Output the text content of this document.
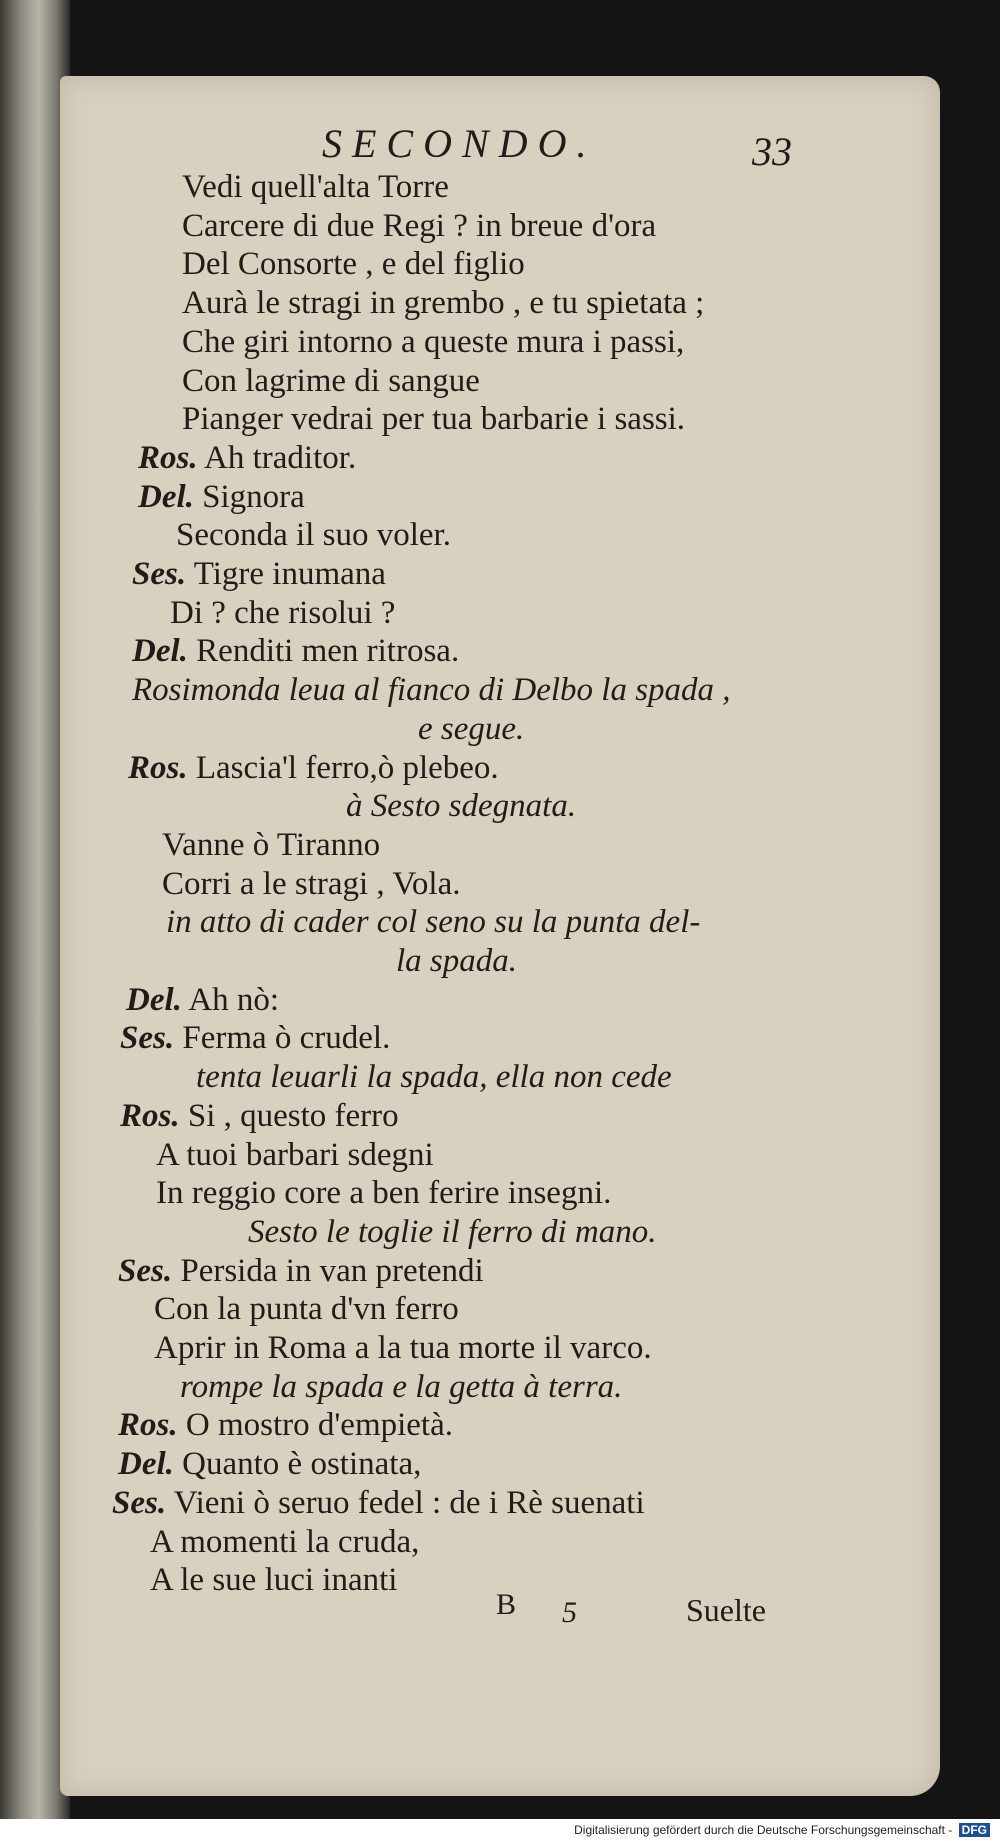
SECONDO.	33
Vedi quell'alta Torre
Carcere di due Regi ? in breue d'ora
Del Consorte , e del figlio
Aurà le stragi in grembo , e tu spietata ;
Che giri intorno a queste mura i passi,
Con lagrime di sangue
Pianger vedrai per tua barbarie i sassi.
Ros. Ah traditor.
Del. Signora
Seconda il suo voler.
Ses. Tigre inumana
Di ? che risolui ?
Del. Renditi men ritrosa.
Rosimonda leua al fianco di Delbo la spada ,
e segue.
Ros. Lascia'l ferro,ò plebeo.
à Sesto sdegnata.
Vanne ò Tiranno
Corri a le stragi , Vola.
in atto di cader col seno su la punta del-
la spada.
Del. Ah nò:
Ses. Ferma ò crudel.
tenta leuarli la spada, ella non cede
Ros. Si , questo ferro
A tuoi barbari sdegni
In reggio core a ben ferire insegni.
Sesto le toglie il ferro di mano.
Ses. Persida in van pretendi
Con la punta d'vn ferro
Aprir in Roma a la tua morte il varco.
rompe la spada e la getta à terra.
Ros. O mostro d'empietà.
Del. Quanto è ostinata,
Ses. Vieni ò seruo fedel : de i Rè suenati
A momenti la cruda,
A le sue luci inanti
B 5	Suelte
Digitalisierung gefördert durch die Deutsche Forschungsgemeinschaft - DFG
